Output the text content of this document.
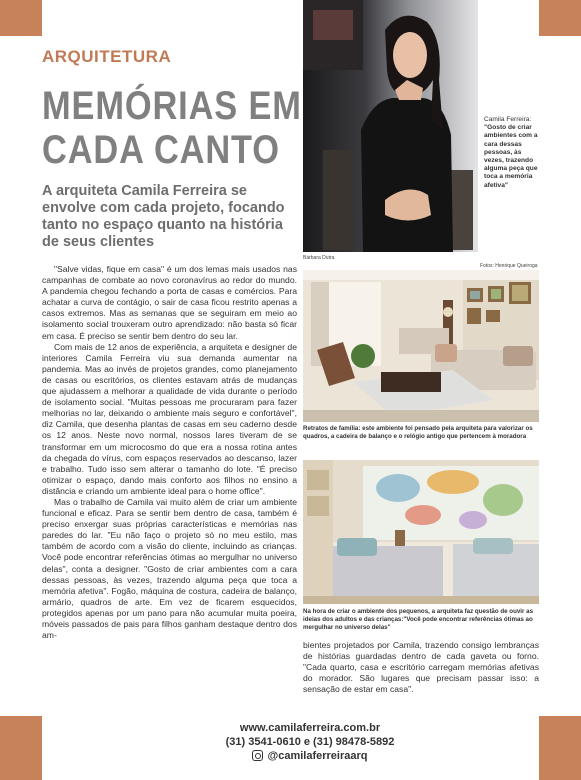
ARQUITETURA
MEMÓRIAS EM
CADA CANTO
A arquiteta Camila Ferreira se envolve com cada projeto, focando tanto no espaço quanto na história de seus clientes
Camila Ferreira:
"Gosto de criar ambientes com a cara dessas pessoas, às vezes, trazendo alguma peça que toca a memória afetiva"
Bárbara Dutra
Fotos: Henrique Queiroga
Retratos de família: este ambiente foi pensado pela arquiteta para valorizar os quadros, a cadeira de balanço e o relógio antigo que pertencem à moradora
Na hora de criar o ambiente dos pequenos, a arquiteta faz questão de ouvir as ideias dos adultos e das crianças:"Você pode encontrar referências ótimas ao mergulhar no universo delas"

"Salve vidas, fique em casa" é um dos lemas mais usados nas campanhas de combate ao novo coronavírus ao redor do mundo. A pandemia chegou fechando a porta de casas e comércios. Para achatar a curva de contágio, o sair de casa ficou restrito apenas a casos extremos. Mas as semanas que se seguiram em meio ao isolamento social trouxeram outro aprendizado: não basta só ficar em casa. É preciso se sentir bem dentro do seu lar.

Com mais de 12 anos de experiência, a arquiteta e designer de interiores Camila Ferreira viu sua demanda aumentar na pandemia. Mas ao invés de projetos grandes, como planejamento de casas ou escritórios, os clientes estavam atrás de mudanças que ajudassem a melhorar a qualidade de vida durante o período de isolamento social. "Muitas pessoas me procuraram para fazer melhorias no lar, deixando o ambiente mais seguro e confortável", diz Camila, que desenha plantas de casas em seu caderno desde os 12 anos. Neste novo normal, nossos lares tiveram de se transformar em um microcosmo do que era a nossa rotina antes da chegada do vírus, com espaços reservados ao descanso, lazer e trabalho. Tudo isso sem alterar o tamanho do lote. "É preciso otimizar o espaço, dando mais conforto aos filhos no ensino a distância e criando um ambiente ideal para o home office".

Mas o trabalho de Camila vai muito além de criar um ambiente funcional e eficaz. Para se sentir bem dentro de casa, também é preciso enxergar suas próprias características e memórias nas paredes do lar. "Eu não faço o projeto só no meu estilo, mas também de acordo com a visão do cliente, incluindo as crianças. Você pode encontrar referências ótimas ao mergulhar no universo delas", conta a designer. "Gosto de criar ambientes com a cara dessas pessoas, às vezes, trazendo alguma peça que toca a memória afetiva". Fogão, máquina de costura, cadeira de balanço, armário, quadros de arte. Em vez de ficarem esquecidos, protegidos apenas por um pano para não acumular muita poeira, móveis passados de pais para filhos ganham destaque dentro dos am-

bientes projetados por Camila, trazendo consigo lembranças de histórias guardadas dentro de cada gaveta ou forno. "Cada quarto, casa e escritório carregam memórias afetivas do morador. São lugares que precisam passar isso: a sensação de estar em casa".

www.camilaferreira.com.br
(31) 3541-0610 e (31) 98478-5892
@camilaferreiraarq
